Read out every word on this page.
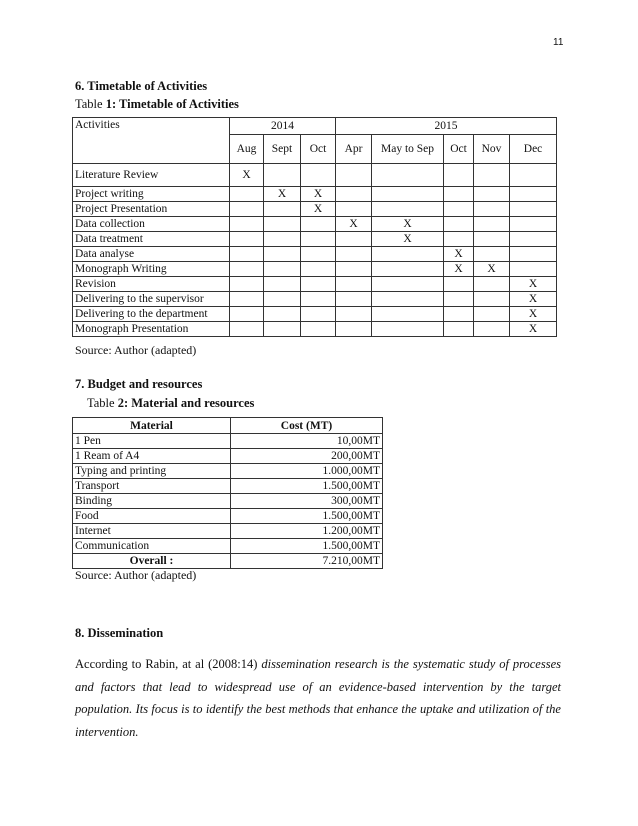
11
6. Timetable of Activities
Table 1: Timetable of Activities
Activities	2014			2015				
	Aug	Sept	Oct	Apr	May to Sep	Oct	Nov	Dec
Literature Review	X							
Project writing		X	X					
Project Presentation			X					
Data collection				X	X			
Data treatment					X			
Data analyse						X		
Monograph Writing						X	X	
Revision								X
Delivering to the supervisor								X
Delivering to the department								X
Monograph Presentation								X
Source: Author (adapted)
7. Budget and resources
Table 2: Material and resources
Material	Cost (MT)
1 Pen	10,00MT
1 Ream of A4	200,00MT
Typing and printing	1.000,00MT
Transport	1.500,00MT
Binding	300,00MT
Food	1.500,00MT
Internet	1.200,00MT
Communication	1.500,00MT
Overall :	7.210,00MT
Source: Author (adapted)
8. Dissemination
According to Rabin, at al (2008:14) dissemination research is the systematic study of processes and factors that lead to widespread use of an evidence-based intervention by the target population. Its focus is to identify the best methods that enhance the uptake and utilization of the intervention.
